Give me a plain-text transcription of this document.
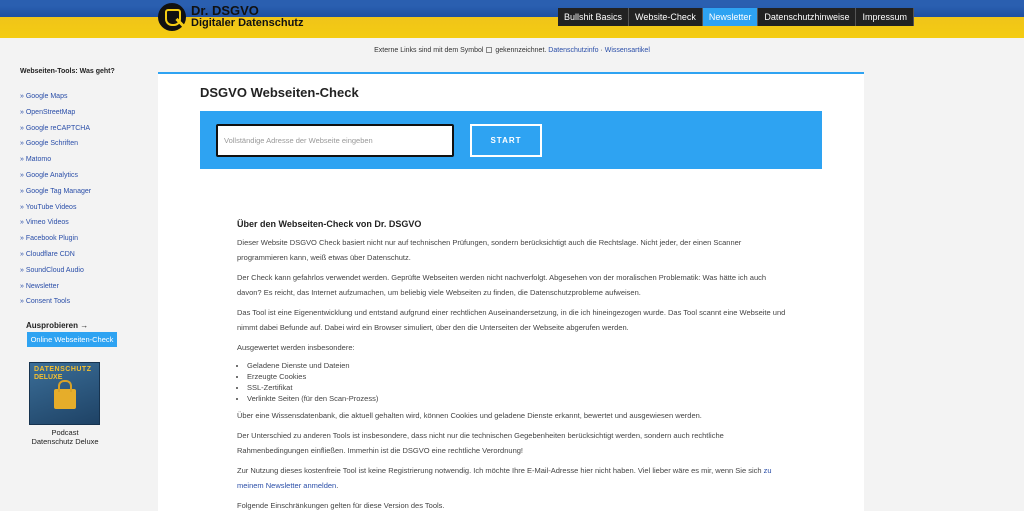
Dr. DSGVO
Digitaler Datenschutz	Bullshit Basics	Website-Check	Newsletter	Datenschutzhinweise	Impressum
Externe Links sind mit dem Symbol gekennzeichnet. Datenschutzinfo · Wissensartikel
Webseiten-Tools: Was geht?
» Google Maps
» OpenStreetMap
» Google reCAPTCHA
» Google Schriften
» Matomo
» Google Analytics
» Google Tag Manager
» YouTube Videos
» Vimeo Videos
» Facebook Plugin
» Cloudflare CDN
» SoundCloud Audio
» Newsletter
» Consent Tools
Ausprobieren →
Online Webseiten-Check
DATENSCHUTZ
DELUXE
Podcast
Datenschutz Deluxe
DSGVO Webseiten-Check
Vollständige Adresse der Webseite eingeben
START
Über den Webseiten-Check von Dr. DSGVO

Dieser Website DSGVO Check basiert nicht nur auf technischen Prüfungen, sondern berücksichtigt auch die Rechtslage. Nicht jeder, der einen Scanner programmieren kann, weiß etwas über Datenschutz.

Der Check kann gefahrlos verwendet werden. Geprüfte Webseiten werden nicht nachverfolgt. Abgesehen von der moralischen Problematik: Was hätte ich auch davon? Es reicht, das Internet aufzumachen, um beliebig viele Webseiten zu finden, die Datenschutzprobleme aufweisen.

Das Tool ist eine Eigenentwicklung und entstand aufgrund einer rechtlichen Auseinandersetzung, in die ich hineingezogen wurde. Das Tool scannt eine Webseite und nimmt dabei Befunde auf. Dabei wird ein Browser simuliert, über den die Unterseiten der Webseite abgerufen werden.

Ausgewertet werden insbesondere:

• Geladene Dienste und Dateien
• Erzeugte Cookies
• SSL-Zertifikat
• Verlinkte Seiten (für den Scan-Prozess)

Über eine Wissensdatenbank, die aktuell gehalten wird, können Cookies und geladene Dienste erkannt, bewertet und ausgewiesen werden.

Der Unterschied zu anderen Tools ist insbesondere, dass nicht nur die technischen Gegebenheiten berücksichtigt werden, sondern auch rechtliche Rahmenbedingungen einfließen. Immerhin ist die DSGVO eine rechtliche Verordnung!

Zur Nutzung dieses kostenfreie Tool ist keine Registrierung notwendig. Ich möchte Ihre E-Mail-Adresse hier nicht haben. Viel lieber wäre es mir, wenn Sie sich zu meinem Newsletter anmelden.

Folgende Einschränkungen gelten für diese Version des Tools.
